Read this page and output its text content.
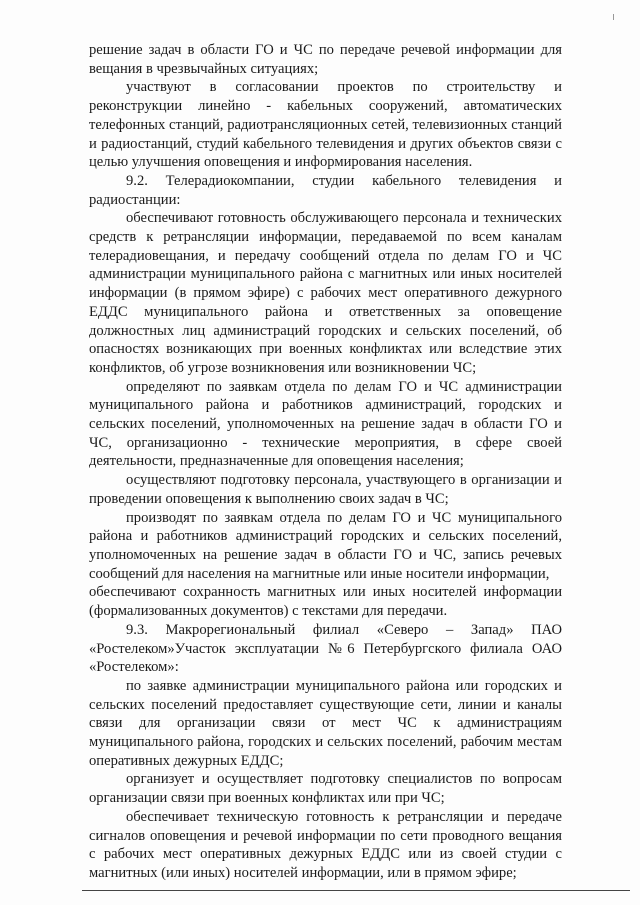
решение задач в области ГО и ЧС по передаче речевой информации для вещания в чрезвычайных ситуациях;

участвуют в согласовании проектов по строительству и реконструкции линейно - кабельных сооружений, автоматических телефонных станций, радиотрансляционных сетей, телевизионных станций и радиостанций, студий кабельного телевидения и других объектов связи с целью улучшения оповещения и информирования населения.

9.2. Телерадиокомпании, студии кабельного телевидения и радиостанции:

обеспечивают готовность обслуживающего персонала и технических средств к ретрансляции информации, передаваемой по всем каналам телерадиовещания, и передачу сообщений отдела по делам ГО и ЧС администрации муниципального района с магнитных или иных носителей информации (в прямом эфире) с рабочих мест оперативного дежурного ЕДДС муниципального района и ответственных за оповещение должностных лиц администраций городских и сельских поселений, об опасностях возникающих при военных конфликтах или вследствие этих конфликтов, об угрозе возникновения или возникновении ЧС;

определяют по заявкам отдела по делам ГО и ЧС администрации муниципального района и работников администраций, городских и сельских поселений, уполномоченных на решение задач в области ГО и ЧС, организационно - технические мероприятия, в сфере своей деятельности, предназначенные для оповещения населения;

осуществляют подготовку персонала, участвующего в организации и проведении оповещения к выполнению своих задач в ЧС;

производят по заявкам отдела по делам ГО и ЧС муниципального района и работников администраций городских и сельских поселений, уполномоченных на решение задач в области ГО и ЧС, запись речевых сообщений для населения на магнитные или иные носители информации,

обеспечивают сохранность магнитных или иных носителей информации (формализованных документов) с текстами для передачи.

9.3. Макрорегиональный филиал «Северо – Запад» ПАО «Ростелеком»Участок эксплуатации №6 Петербургского филиала ОАО «Ростелеком»:

по заявке администрации муниципального района или городских и сельских поселений предоставляет существующие сети, линии и каналы связи для организации связи от мест ЧС к администрациям муниципального района, городских и сельских поселений, рабочим местам оперативных дежурных ЕДДС;

организует и осуществляет подготовку специалистов по вопросам организации связи при военных конфликтах или при ЧС;

обеспечивает техническую готовность к ретрансляции и передаче сигналов оповещения и речевой информации по сети проводного вещания с рабочих мест оперативных дежурных ЕДДС или из своей студии с магнитных (или иных) носителей информации, или в прямом эфире;
